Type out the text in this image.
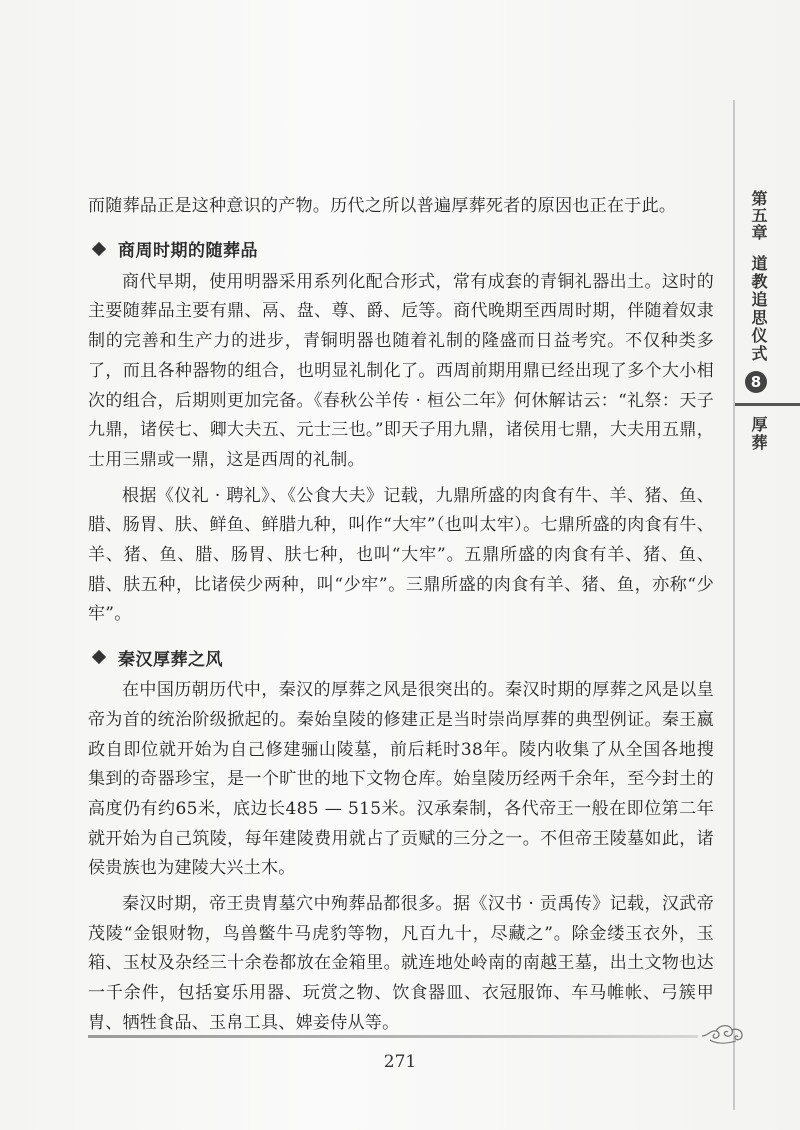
而随葬品正是这种意识的产物。历代之所以普遍厚葬死者的原因也正在于此。

商周时期的随葬品

商代早期，使用明器采用系列化配合形式，常有成套的青铜礼器出土。这时的主要随葬品主要有鼎、鬲、盘、尊、爵、卮等。商代晚期至西周时期，伴随着奴隶制的完善和生产力的进步，青铜明器也随着礼制的隆盛而日益考究。不仅种类多了，而且各种器物的组合，也明显礼制化了。西周前期用鼎已经出现了多个大小相次的组合，后期则更加完备。《春秋公羊传 · 桓公二年》何休解诂云：“礼祭：天子九鼎，诸侯七、卿大夫五、元士三也。”即天子用九鼎，诸侯用七鼎，大夫用五鼎，士用三鼎或一鼎，这是西周的礼制。

根据《仪礼 · 聘礼》、《公食大夫》记载，九鼎所盛的肉食有牛、羊、猪、鱼、腊、肠胃、肤、鲜鱼、鲜腊九种，叫作“大牢”（也叫太牢）。七鼎所盛的肉食有牛、羊、猪、鱼、腊、肠胃、肤七种，也叫“大牢”。五鼎所盛的肉食有羊、猪、鱼、腊、肤五种，比诸侯少两种，叫“少牢”。三鼎所盛的肉食有羊、猪、鱼，亦称“少牢”。

秦汉厚葬之风

在中国历朝历代中，秦汉的厚葬之风是很突出的。秦汉时期的厚葬之风是以皇帝为首的统治阶级掀起的。秦始皇陵的修建正是当时崇尚厚葬的典型例证。秦王嬴政自即位就开始为自己修建骊山陵墓，前后耗时38年。陵内收集了从全国各地搜集到的奇器珍宝，是一个旷世的地下文物仓库。始皇陵历经两千余年，至今封土的高度仍有约65米，底边长485 — 515米。汉承秦制，各代帝王一般在即位第二年就开始为自己筑陵，每年建陵费用就占了贡赋的三分之一。不但帝王陵墓如此，诸侯贵族也为建陵大兴土木。

秦汉时期，帝王贵胄墓穴中殉葬品都很多。据《汉书 · 贡禹传》记载，汉武帝茂陵“金银财物，鸟兽鳖牛马虎豹等物，凡百九十，尽藏之”。除金缕玉衣外，玉箱、玉杖及杂经三十余卷都放在金箱里。就连地处岭南的南越王墓，出土文物也达一千余件，包括宴乐用器、玩赏之物、饮食器皿、衣冠服饰、车马帷帐、弓簇甲胄、牺牲食品、玉帛工具、婢妾侍从等。

第五章
道教追思仪式
8
厚葬
271
